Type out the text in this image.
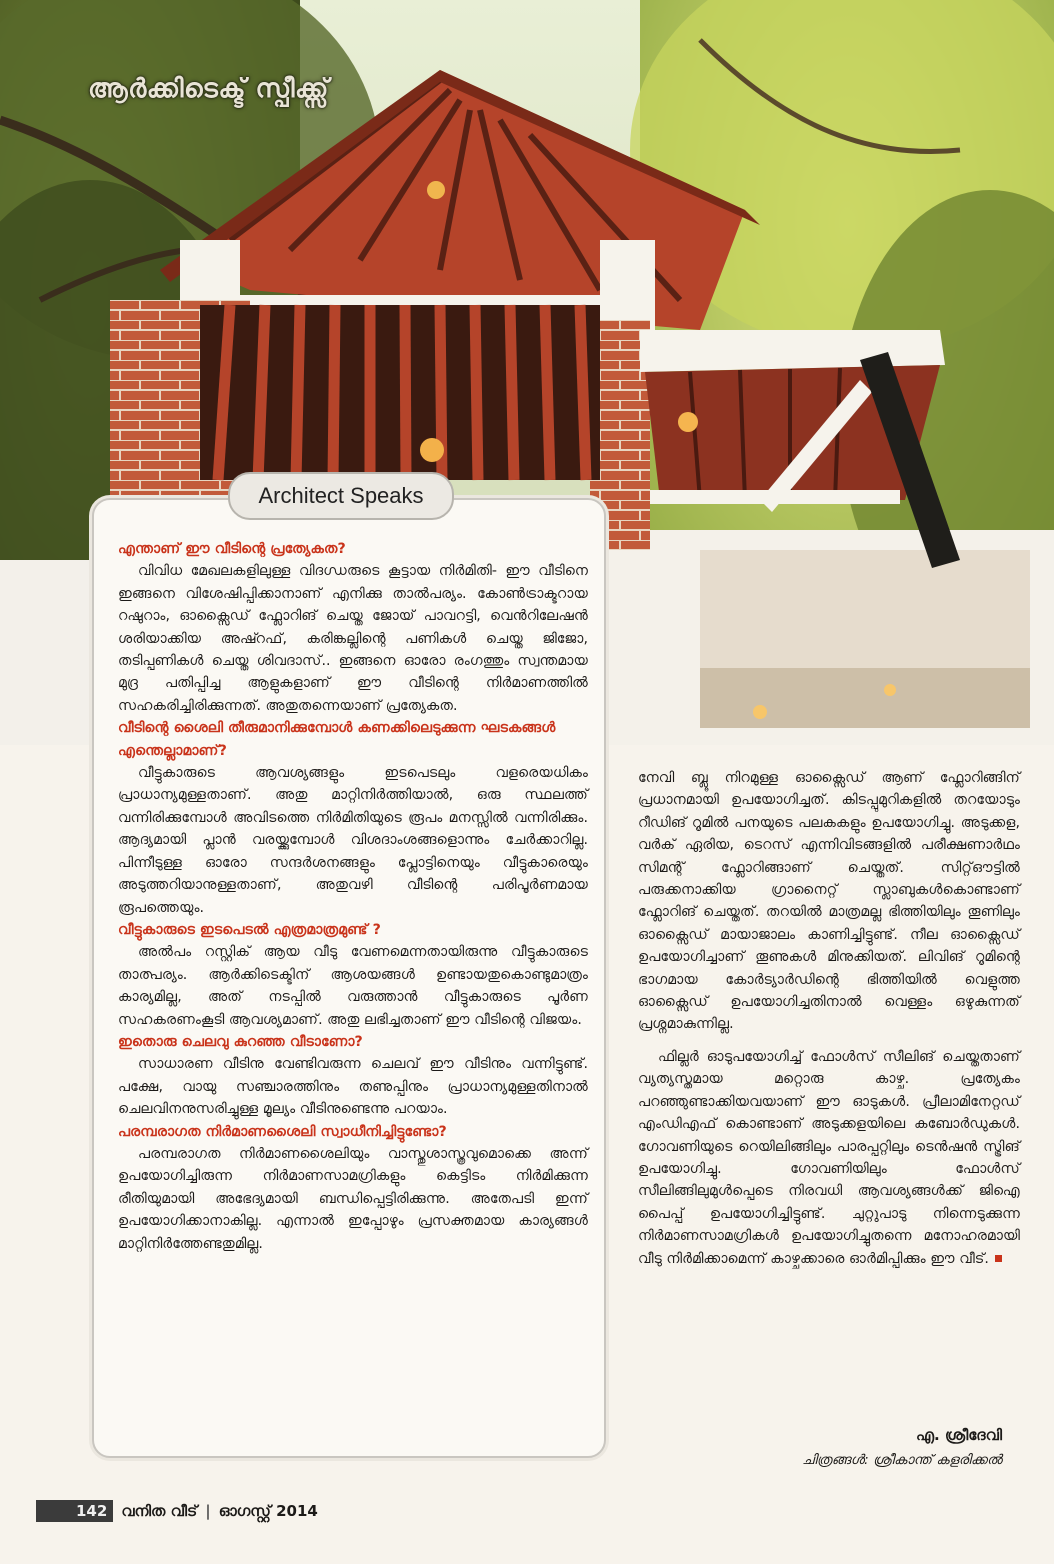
ആർക്കിടെക്ട് സ്പീക്ക്സ്
Architect Speaks

എന്താണ് ഈ വീടിന്റെ പ്രത്യേകത?

വിവിധ മേഖലകളിലുള്ള വിദഗ്ധരുടെ കൂട്ടായ നിർമിതി- ഈ വീടിനെ ഇങ്ങനെ വിശേഷിപ്പിക്കാനാണ് എനിക്കു താൽപര്യം. കോൺട്രാക്ടറായ റഷുറാം, ഓക്സൈഡ് ഫ്ലോറിങ് ചെയ്ത ജോയ് പാവറട്ടി, വെൻറിലേഷൻ ശരിയാക്കിയ അഷ്റഫ്, കരിങ്കല്ലിന്റെ പണികൾ ചെയ്ത ജിജോ, തടിപ്പണികൾ ചെയ്ത ശിവദാസ്.. ഇങ്ങനെ ഓരോ രംഗത്തും സ്വന്തമായ മുദ്ര പതിപ്പിച്ച ആളുകളാണ് ഈ വീടിന്റെ നിർമാണത്തിൽ സഹകരിച്ചിരിക്കുന്നത്. അതുതന്നെയാണ് പ്രത്യേകത.

വീടിന്റെ ശൈലി തീരുമാനിക്കുമ്പോൾ കണക്കിലെടുക്കുന്ന ഘടകങ്ങൾ എന്തെല്ലാമാണ്?

വീട്ടുകാരുടെ ആവശ്യങ്ങളും ഇടപെടലും വളരെയധികം പ്രാധാന്യമുള്ളതാണ്. അതു മാറ്റിനിർത്തിയാൽ, ഒരു സ്ഥലത്ത് വന്നിരിക്കുമ്പോൾ അവിടത്തെ നിർമിതിയുടെ രൂപം മനസ്സിൽ വന്നിരിക്കും. ആദ്യമായി പ്ലാൻ വരയ്ക്കുമ്പോൾ വിശദാംശങ്ങളൊന്നും ചേർക്കാറില്ല. പിന്നീടുള്ള ഓരോ സന്ദർശനങ്ങളും പ്ലോട്ടിനെയും വീട്ടുകാരെയും അടുത്തറിയാനുള്ളതാണ്, അതുവഴി വീടിന്റെ പരിപൂർണമായ രൂപത്തെയും.

വീട്ടുകാരുടെ ഇടപെടൽ എത്രമാത്രമുണ്ട് ?

അൽപം റസ്റ്റിക് ആയ വീടു വേണമെന്നതായിരുന്നു വീട്ടുകാരുടെ താത്പര്യം. ആർക്കിടെക്ടിന് ആശയങ്ങൾ ഉണ്ടായതുകൊണ്ടുമാത്രം കാര്യമില്ല, അത് നടപ്പിൽ വരുത്താൻ വീട്ടുകാരുടെ പൂർണ സഹകരണംകൂടി ആവശ്യമാണ്. അതു ലഭിച്ചതാണ് ഈ വീടിന്റെ വിജയം.

ഇതൊരു ചെലവു കുറഞ്ഞ വീടാണോ?

സാധാരണ വീടിനു വേണ്ടിവരുന്ന ചെലവ് ഈ വീടിനും വന്നിട്ടുണ്ട്. പക്ഷേ, വായു സഞ്ചാരത്തിനും തണുപ്പിനും പ്രാധാന്യമുള്ളതിനാൽ ചെലവിനനുസരിച്ചുള്ള മൂല്യം വീടിനുണ്ടെന്നു പറയാം.

പരമ്പരാഗത നിർമാണശൈലി സ്വാധീനിച്ചിട്ടുണ്ടോ?

പരമ്പരാഗത നിർമാണശൈലിയും വാസ്തുശാസ്ത്രവുമൊക്കെ അന്ന് ഉപയോഗിച്ചിരുന്ന നിർമാണസാമഗ്രികളും കെട്ടിടം നിർമിക്കുന്ന രീതിയുമായി അഭേദ്യമായി ബന്ധിപ്പെട്ടിരിക്കുന്നു. അതേപടി ഇന്ന് ഉപയോഗിക്കാനാകില്ല. എന്നാൽ ഇപ്പോഴും പ്രസക്തമായ കാര്യങ്ങൾ മാറ്റിനിർത്തേണ്ടതുമില്ല.

നേവി ബ്ലൂ നിറമുള്ള ഓക്സൈഡ് ആണ് ഫ്ലോറിങ്ങിന് പ്രധാനമായി ഉപയോഗിച്ചത്. കിടപ്പുമുറികളിൽ തറയോടും റീഡിങ് റൂമിൽ പനയുടെ പലകകളും ഉപയോഗിച്ചു. അടുക്കള, വർക് ഏരിയ, ടെറസ് എന്നിവിടങ്ങളിൽ പരീക്ഷണാർഥം സിമന്റ് ഫ്ലോറിങ്ങാണ് ചെയ്തത്. സിറ്റ്ഔട്ടിൽ പരുക്കനാക്കിയ ഗ്രാനൈറ്റ് സ്ലാബുകൾകൊണ്ടാണ് ഫ്ലോറിങ് ചെയ്തത്. തറയിൽ മാത്രമല്ല ഭിത്തിയിലും തൂണിലും ഓക്സൈഡ് മായാജാലം കാണിച്ചിട്ടുണ്ട്. നീല ഓക്സൈഡ് ഉപയോഗിച്ചാണ് തൂണുകൾ മിനുക്കിയത്. ലിവിങ് റൂമിന്റെ ഭാഗമായ കോർട്യാർഡിന്റെ ഭിത്തിയിൽ വെളുത്ത ഓക്സൈഡ് ഉപയോഗിച്ചതിനാൽ വെള്ളം ഒഴുകുന്നത് പ്രശ്നമാകുന്നില്ല.

ഫില്ലർ ഓടുപയോഗിച്ച് ഫോൾസ് സീലിങ് ചെയ്തതാണ് വ്യത്യസ്തമായ മറ്റൊരു കാഴ്ച. പ്രത്യേകം പറഞ്ഞുണ്ടാക്കിയവയാണ് ഈ ഓടുകൾ. പ്രീലാമിനേറ്റഡ് എംഡിഎഫ് കൊണ്ടാണ് അടുക്കളയിലെ കബോർഡുകൾ. ഗോവണിയുടെ റെയിലിങ്ങിലും പാരപ്പറ്റിലും ടെൻഷൻ സ്ട്രിങ് ഉപയോഗിച്ചു. ഗോവണിയിലും ഫോൾസ് സീലിങ്ങിലുമുൾപ്പെടെ നിരവധി ആവശ്യങ്ങൾക്ക് ജിഐ പൈപ്പ് ഉപയോഗിച്ചിട്ടുണ്ട്. ചുറ്റുപാടു നിന്നെടുക്കുന്ന നിർമാണസാമഗ്രികൾ ഉപയോഗിച്ചുതന്നെ മനോഹരമായി വീടു നിർമിക്കാമെന്ന് കാഴ്ചക്കാരെ ഓർമിപ്പിക്കും ഈ വീട്.

എ. ശ്രീദേവി
ചിത്രങ്ങൾ: ശ്രീകാന്ത് കളരിക്കൽ
142 വനിത വീട് | ഓഗസ്റ്റ് 2014
